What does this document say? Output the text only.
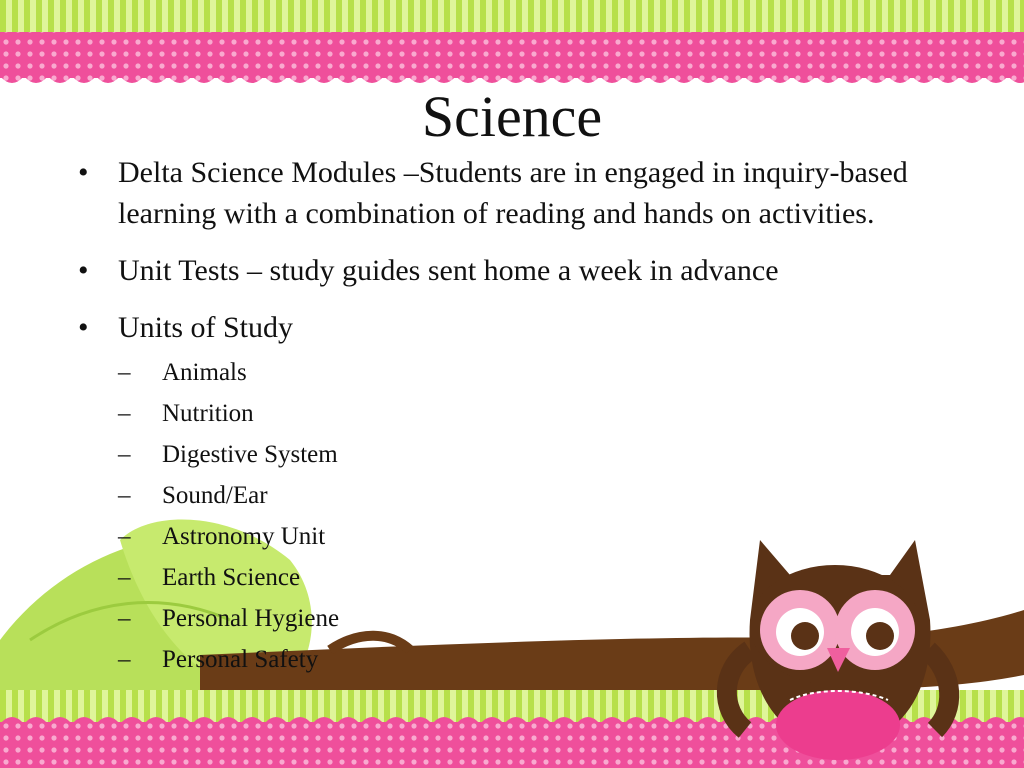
Science
• Delta Science Modules –Students are in engaged in inquiry-based learning with a combination of reading and hands on activities.
• Unit Tests – study guides sent home a week in advance
• Units of Study
– Animals
– Nutrition
– Digestive System
– Sound/Ear
– Astronomy Unit
– Earth Science
– Personal Hygiene
– Personal Safety
